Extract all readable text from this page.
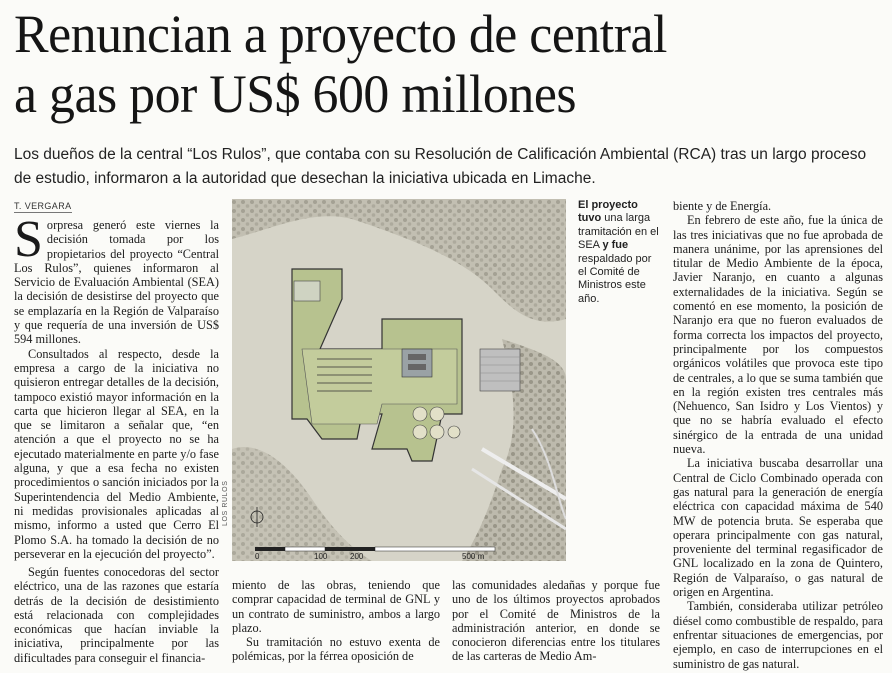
Renuncian a proyecto de central
a gas por US$ 600 millones
Los dueños de la central “Los Rulos”, que contaba con su Resolución de Calificación Ambiental (RCA) tras un largo proceso de estudio, informaron a la autoridad que desechan la iniciativa ubicada en Limache.
T. VERGARA

Sorpresa generó este viernes la decisión tomada por los propietarios del proyecto “Central Los Rulos”, quienes informaron al Servicio de Evaluación Ambiental (SEA) la decisión de desistirse del proyecto que se emplazaría en la Región de Valparaíso y que requería de una inversión de US$ 594 millones.

Consultados al respecto, desde la empresa a cargo de la iniciativa no quisieron entregar detalles de la decisión, tampoco existió mayor información en la carta que hicieron llegar al SEA, en la que se limitaron a señalar que, “en atención a que el proyecto no se ha ejecutado materialmente en parte y/o fase alguna, y que a esa fecha no existen procedimientos o sanción iniciados por la Superintendencia del Medio Ambiente, ni medidas provisionales aplicadas al mismo, informo a usted que Cerro El Plomo S.A. ha tomado la decisión de no perseverar en la ejecución del proyecto”.

Según fuentes conocedoras del sector eléctrico, una de las razones que estaría detrás de la decisión de desistimiento está relacionada con complejidades económicas que hacían inviable la iniciativa, principalmente por las dificultades para conseguir el financia-

0	100	200	500 m
LOS RULOS
El proyecto tuvo una larga tramitación en el SEA y fue respaldado por el Comité de Ministros este año.

miento de las obras, teniendo que comprar capacidad de terminal de GNL y un contrato de suministro, ambos a largo plazo.

Su tramitación no estuvo exenta de polémicas, por la férrea oposición de

las comunidades aledañas y porque fue uno de los últimos proyectos aprobados por el Comité de Ministros de la administración anterior, en donde se conocieron diferencias entre los titulares de las carteras de Medio Am-

biente y de Energía.

En febrero de este año, fue la única de las tres iniciativas que no fue aprobada de manera unánime, por las aprensiones del titular de Medio Ambiente de la época, Javier Naranjo, en cuanto a algunas externalidades de la iniciativa. Según se comentó en ese momento, la posición de Naranjo era que no fueron evaluados de forma correcta los impactos del proyecto, principalmente por los compuestos orgánicos volátiles que provoca este tipo de centrales, a lo que se suma también que en la región existen tres centrales más (Nehuenco, San Isidro y Los Vientos) y que no se habría evaluado el efecto sinérgico de la entrada de una unidad nueva.

La iniciativa buscaba desarrollar una Central de Ciclo Combinado operada con gas natural para la generación de energía eléctrica con capacidad máxima de 540 MW de potencia bruta. Se esperaba que operara principalmente con gas natural, proveniente del terminal regasificador de GNL localizado en la zona de Quintero, Región de Valparaíso, o gas natural de origen en Argentina.

También, consideraba utilizar petróleo diésel como combustible de respaldo, para enfrentar situaciones de emergencias, por ejemplo, en caso de interrupciones en el suministro de gas natural.
